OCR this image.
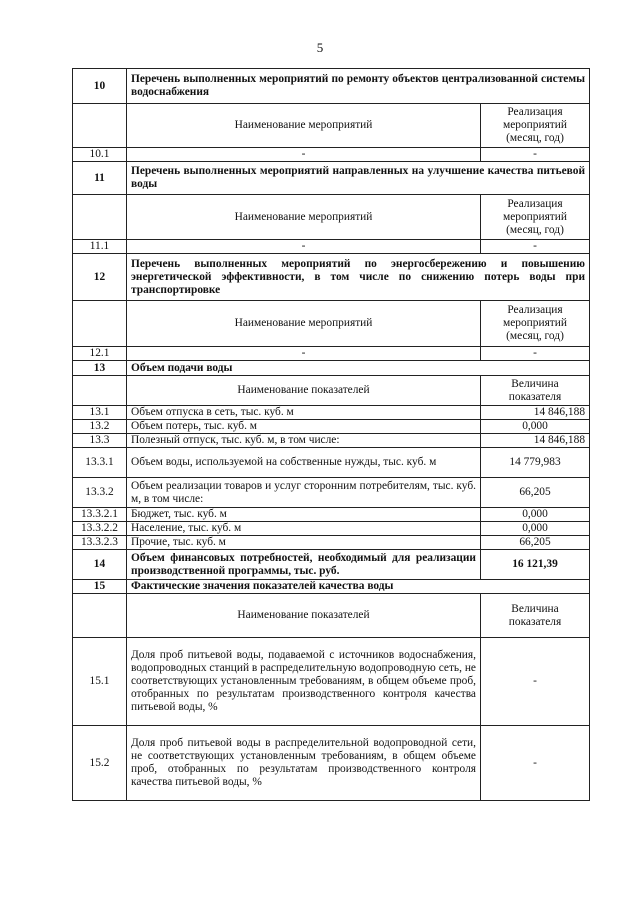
5
10	Перечень выполненных мероприятий по ремонту объектов централизованной системы водоснабжения	
	Наименование мероприятий	Реализация мероприятий (месяц, год)
10.1	-	-
11	Перечень выполненных мероприятий направленных на улучшение качества питьевой воды	
	Наименование мероприятий	Реализация мероприятий (месяц, год)
11.1	-	-
12	Перечень выполненных мероприятий по энергосбережению и повышению энергетической эффективности, в том числе по снижению потерь воды при транспортировке	
	Наименование мероприятий	Реализация мероприятий (месяц, год)
12.1	-	-
13	Объем подачи воды	
	Наименование показателей	Величина показателя
13.1	Объем отпуска в сеть, тыс. куб. м	14 846,188
13.2	Объем потерь, тыс. куб. м	0,000
13.3	Полезный отпуск, тыс. куб. м, в том числе:	14 846,188
13.3.1	Объем воды, используемой на собственные нужды, тыс. куб. м	14 779,983
13.3.2	Объем реализации товаров и услуг сторонним потребителям, тыс. куб. м, в том числе:	66,205
13.3.2.1	Бюджет, тыс. куб. м	0,000
13.3.2.2	Население, тыс. куб. м	0,000
13.3.2.3	Прочие, тыс. куб. м	66,205
14	Объем финансовых потребностей, необходимый для реализации производственной программы, тыс. руб.	16 121,39
15	Фактические значения показателей качества воды	
	Наименование показателей	Величина показателя
15.1	Доля проб питьевой воды, подаваемой с источников водоснабжения, водопроводных станций в распределительную водопроводную сеть, не соответствующих установленным требованиям, в общем объеме проб, отобранных по результатам производственного контроля качества питьевой воды, %	-
15.2	Доля проб питьевой воды в распределительной водопроводной сети, не соответствующих установленным требованиям, в общем объеме проб, отобранных по результатам производственного контроля качества питьевой воды, %	-
